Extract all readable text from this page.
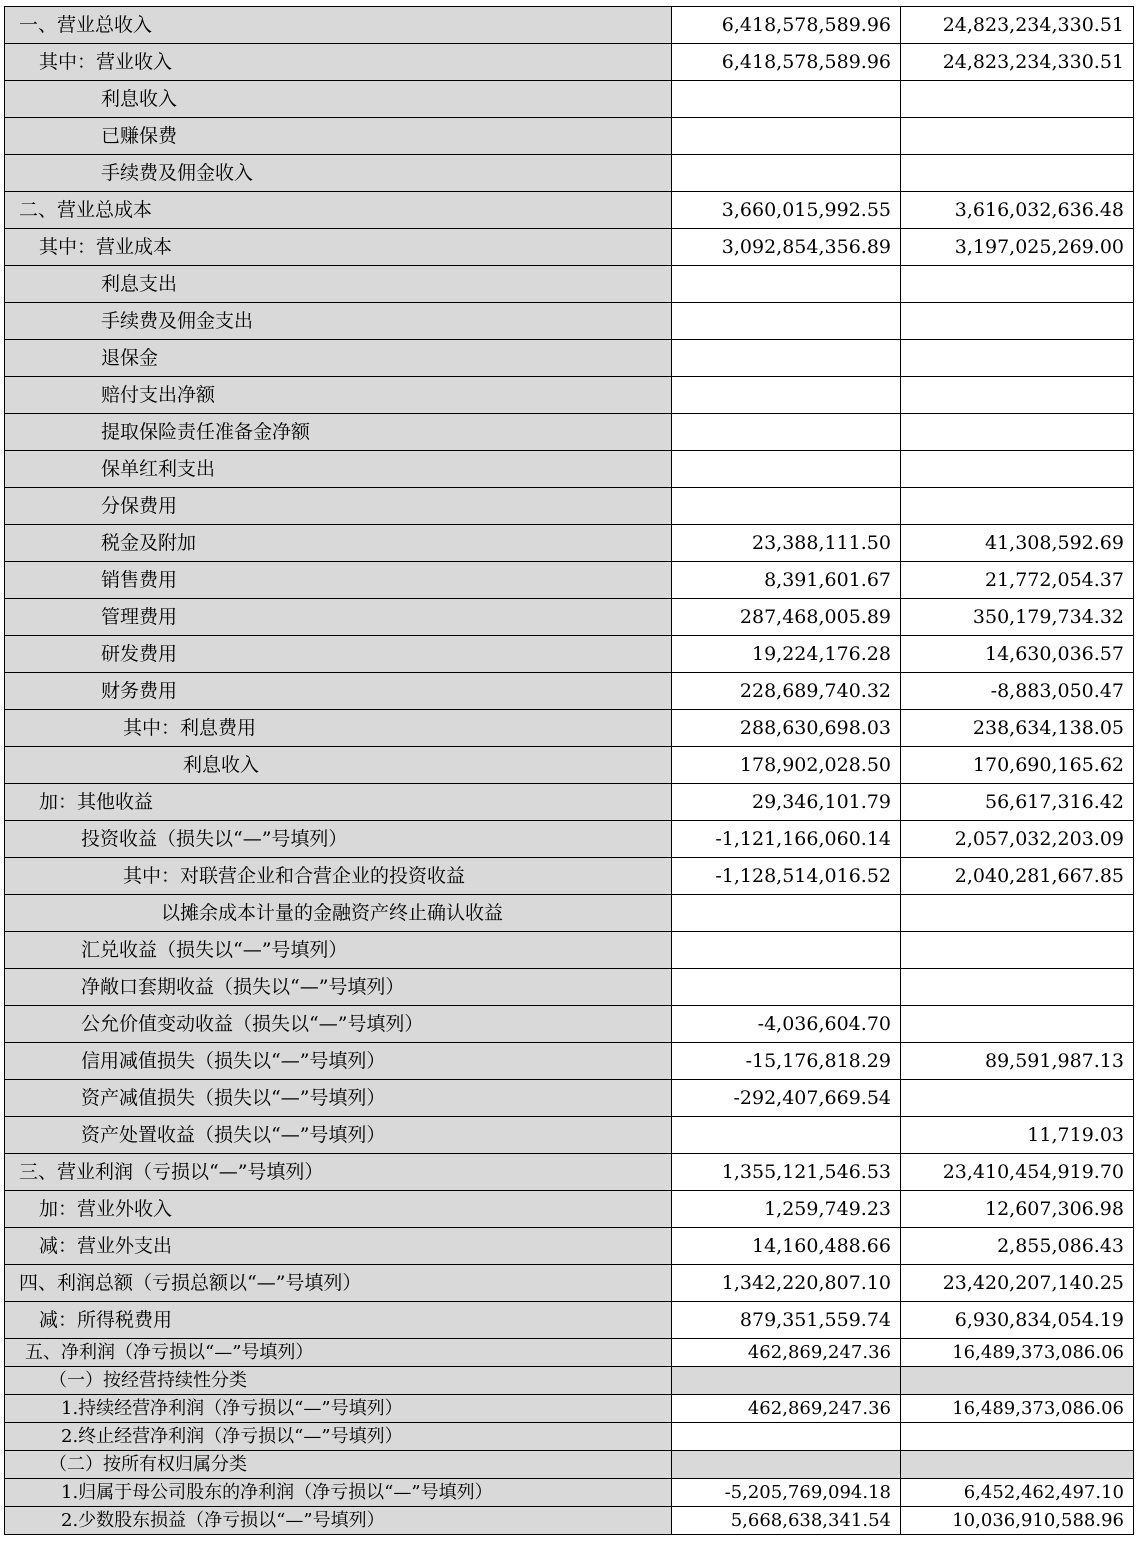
一、营业总收入	6,418,578,589.96	24,823,234,330.51
其中：营业收入	6,418,578,589.96	24,823,234,330.51
利息收入		
已赚保费		
手续费及佣金收入		
二、营业总成本	3,660,015,992.55	3,616,032,636.48
其中：营业成本	3,092,854,356.89	3,197,025,269.00
利息支出		
手续费及佣金支出		
退保金		
赔付支出净额		
提取保险责任准备金净额		
保单红利支出		
分保费用		
税金及附加	23,388,111.50	41,308,592.69
销售费用	8,391,601.67	21,772,054.37
管理费用	287,468,005.89	350,179,734.32
研发费用	19,224,176.28	14,630,036.57
财务费用	228,689,740.32	-8,883,050.47
其中：利息费用	288,630,698.03	238,634,138.05
利息收入	178,902,028.50	170,690,165.62
加：其他收益	29,346,101.79	56,617,316.42
投资收益（损失以“—”号填列）	-1,121,166,060.14	2,057,032,203.09
其中：对联营企业和合营企业的投资收益	-1,128,514,016.52	2,040,281,667.85
以摊余成本计量的金融资产终止确认收益		
汇兑收益（损失以“—”号填列）		
净敞口套期收益（损失以“—”号填列）		
公允价值变动收益（损失以“—”号填列）	-4,036,604.70	
信用减值损失（损失以“—”号填列）	-15,176,818.29	89,591,987.13
资产减值损失（损失以“—”号填列）	-292,407,669.54	
资产处置收益（损失以“—”号填列）		11,719.03
三、营业利润（亏损以“—”号填列）	1,355,121,546.53	23,410,454,919.70
加：营业外收入	1,259,749.23	12,607,306.98
减：营业外支出	14,160,488.66	2,855,086.43
四、利润总额（亏损总额以“—”号填列）	1,342,220,807.10	23,420,207,140.25
减：所得税费用	879,351,559.74	6,930,834,054.19
五、净利润（净亏损以“—”号填列）	462,869,247.36	16,489,373,086.06
（一）按经营持续性分类		
1.持续经营净利润（净亏损以“—”号填列）	462,869,247.36	16,489,373,086.06
2.终止经营净利润（净亏损以“—”号填列）		
（二）按所有权归属分类		
1.归属于母公司股东的净利润（净亏损以“—”号填列）	-5,205,769,094.18	6,452,462,497.10
2.少数股东损益（净亏损以“—”号填列）	5,668,638,341.54	10,036,910,588.96
